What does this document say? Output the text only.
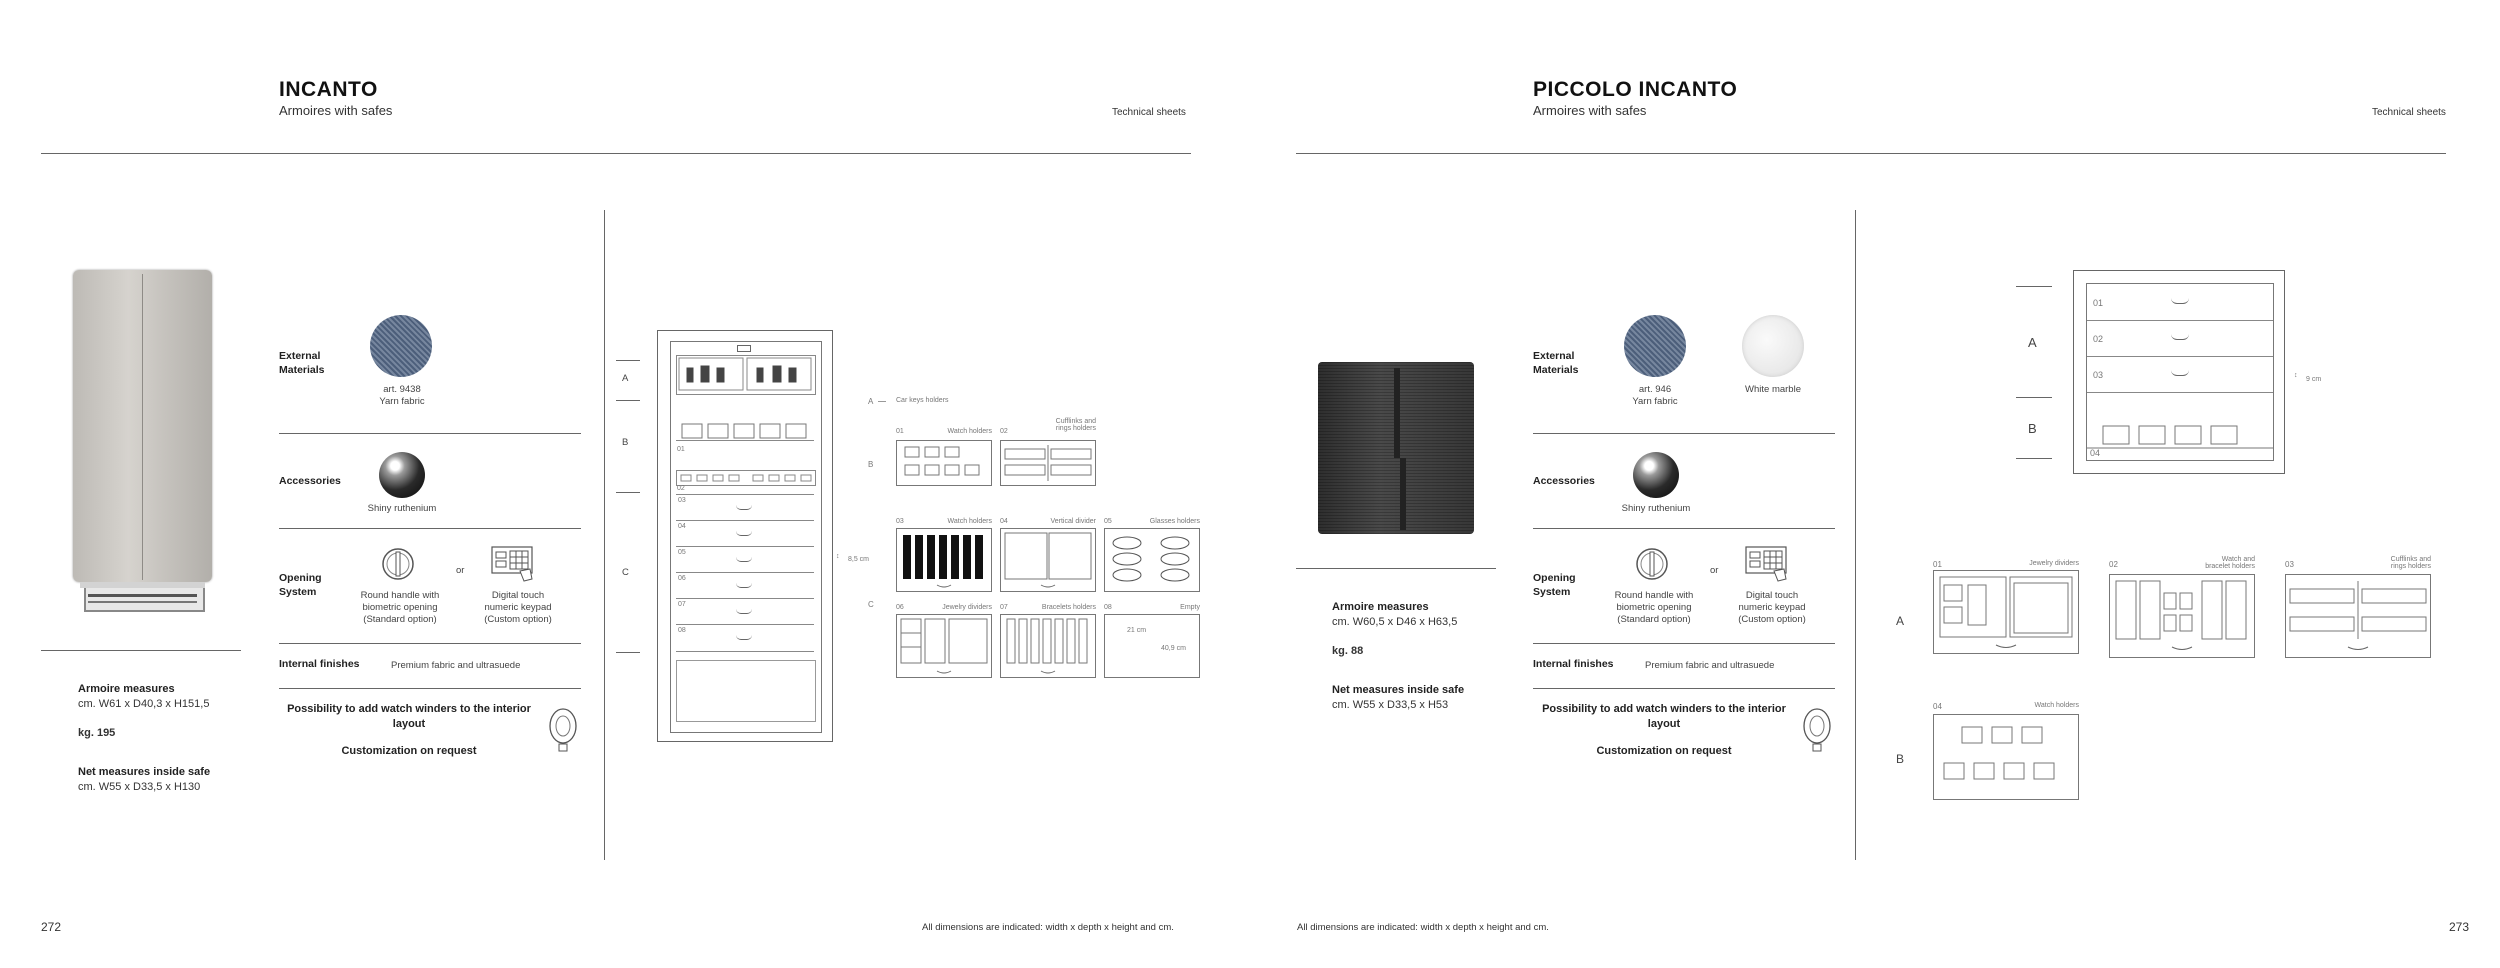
INCANTO
Armoires with safes	Technical sheets
Armoire measures
cm. W61 x D40,3 x H151,5
kg. 195
Net measures inside safe
cm. W55 x D33,5 x H130
External
Materials
art. 9438
Yarn fabric
Accessories
Shiny ruthenium
Opening
System
or
Round handle with
biometric opening
(Standard option)
Digital touch
numeric keypad
(Custom option)
Internal finishes	Premium fabric and ultrasuede
Possibility to add watch winders to the interior
layout
Customization on request
A
B
C
01
02
03
04
05
06
07
08
↕ 8,5 cm
A	Car keys holders
B
C
01	Watch holders 02
Cufflinks and
rings holders
03	Watch holders 04	Vertical divider 05	Glasses holders
06	Jewelry dividers 07	Bracelets holders 08	Empty
21 cm
40,9 cm
272	All dimensions are indicated: width x depth x height and cm.
PICCOLO INCANTO
Armoires with safes	Technical sheets
Armoire measures
cm. W60,5 x D46 x H63,5
kg. 88
Net measures inside safe
cm. W55 x D33,5 x H53
External
Materials
art. 946
Yarn fabric
White marble
Accessories
Shiny ruthenium
Opening
System
or
Round handle with
biometric opening
(Standard option)
Digital touch
numeric keypad
(Custom option)
Internal finishes	Premium fabric and ultrasuede
Possibility to add watch winders to the interior
layout
Customization on request
A
B
01
02
03
04
↕
9 cm
A
B
01	Jewelry dividers	02
Watch and
bracelet holders	03
Cufflinks and
rings holders
04	Watch holders
All dimensions are indicated: width x depth x height and cm.	273
